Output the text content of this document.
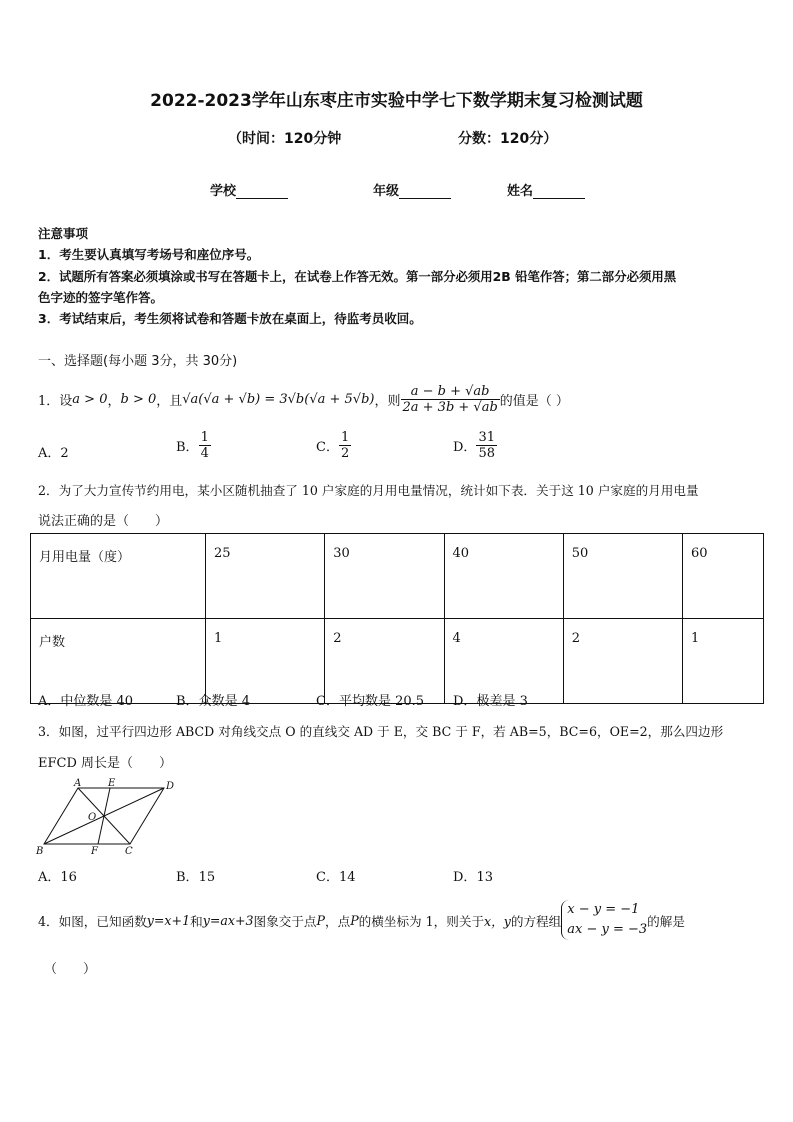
2022-2023学年山东枣庄市实验中学七下数学期末复习检测试题
（时间：120分钟	分数：120分）
学校	年级	姓名
注意事项
1．考生要认真填写考场号和座位序号。
2．试题所有答案必须填涂或书写在答题卡上，在试卷上作答无效。第一部分必须用2B 铅笔作答；第二部分必须用黑
色字迹的签字笔作答。
3．考试结束后，考生须将试卷和答题卡放在桌面上，待监考员收回。
一、选择题(每小题 3分，共 30分)
1．设 a > 0 ， b > 0 ，且 √a(√a + √b) = 3√b(√a + 5√b) ，则 $\frac{a - b + √ab}{2a + 3b + √ab}$ 的值是（ ）
A．2	B． $\frac{1}{4}$	C． $\frac{1}{2}$	D． $\frac{31}{58}$
2．为了大力宣传节约用电，某小区随机抽查了 10 户家庭的月用电量情况，统计如下表．关于这 10 户家庭的月用电量
说法正确的是（　　）
月用电量（度）	25	30	40	50	60
户数	1	2	4	2	1
A．中位数是 40	B．众数是 4	C．平均数是 20.5 D．极差是 3
3．如图，过平行四边形 ABCD 对角线交点 O 的直线交 AD 于 E，交 BC 于 F，若 AB=5，BC=6，OE=2，那么四边形
EFCD 周长是（　　）
A	E	D
O
B	F	C
A．16	B．15	C．14	D．13
4．如图，已知函数 y=x+1 和 y=ax+3 图象交于点 P ，点 P 的横坐标为 1，则关于 x，y 的方程组
x − y = −1
ax − y = −3
的解是
（　　）
